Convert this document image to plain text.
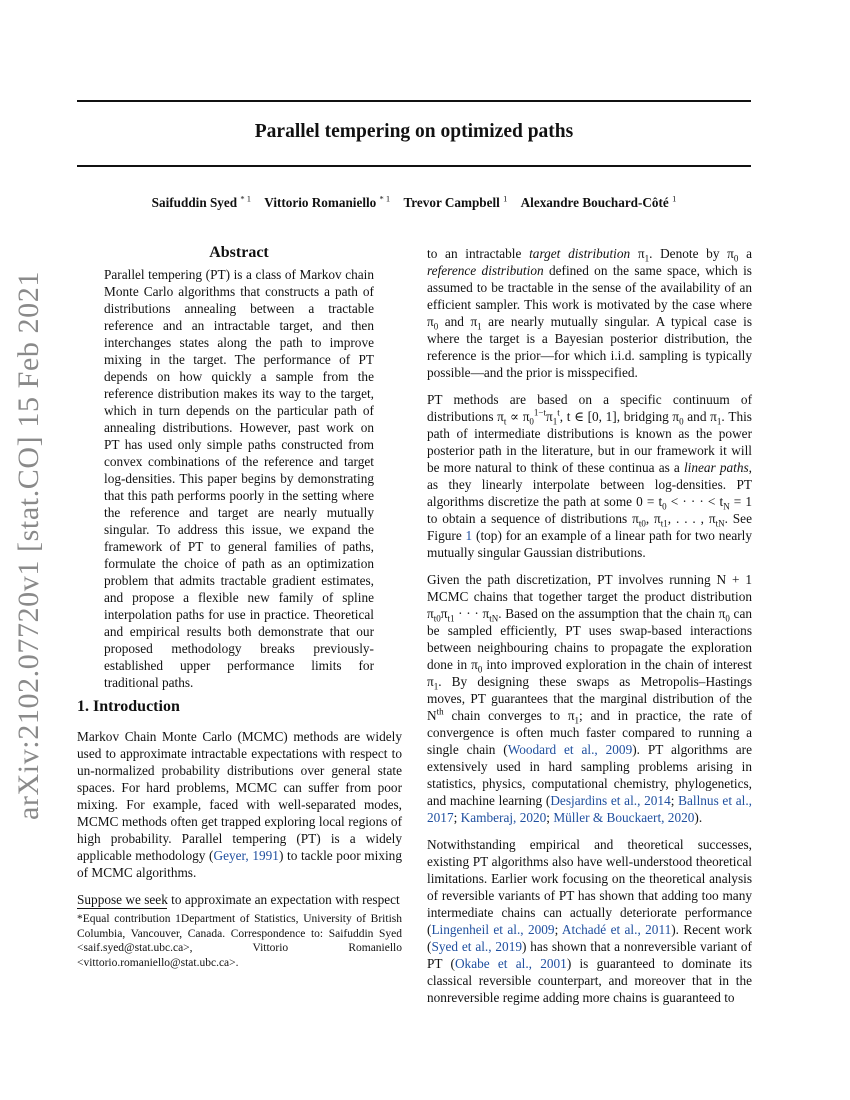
arXiv:2102.07720v1 [stat.CO] 15 Feb 2021
Parallel tempering on optimized paths
Saifuddin Syed $^{* 1}$ Vittorio Romaniello $^{* 1}$ Trevor Campbell $^1$ Alexandre Bouchard-Côté $^1$
Abstract
Parallel tempering (PT) is a class of Markov chain Monte Carlo algorithms that constructs a path of distributions annealing between a tractable reference and an intractable target, and then interchanges states along the path to improve mixing in the target. The performance of PT depends on how quickly a sample from the reference distribution makes its way to the target, which in turn depends on the particular path of annealing distributions. However, past work on PT has used only simple paths constructed from convex combinations of the reference and target log-densities. This paper begins by demonstrating that this path performs poorly in the setting where the reference and target are nearly mutually singular. To address this issue, we expand the framework of PT to general families of paths, formulate the choice of path as an optimization problem that admits tractable gradient estimates, and propose a flexible new family of spline interpolation paths for use in practice. Theoretical and empirical results both demonstrate that our proposed methodology breaks previously-established upper performance limits for traditional paths.
1. Introduction

Markov Chain Monte Carlo (MCMC) methods are widely used to approximate intractable expectations with respect to un-normalized probability distributions over general state spaces. For hard problems, MCMC can suffer from poor mixing. For example, faced with well-separated modes, MCMC methods often get trapped exploring local regions of high probability. Parallel tempering (PT) is a widely applicable methodology (Geyer, 1991) to tackle poor mixing of MCMC algorithms.

Suppose we seek to approximate an expectation with respect

*Equal contribution 1Department of Statistics, University of British Columbia, Vancouver, Canada. Correspondence to: Saifuddin Syed <saif.syed@stat.ubc.ca>, Vittorio Romaniello <vittorio.romaniello@stat.ubc.ca>.

to an intractable target distribution $\pi_1$. Denote by $\pi_0$ a reference distribution defined on the same space, which is assumed to be tractable in the sense of the availability of an efficient sampler. This work is motivated by the case where $\pi_0$ and $\pi_1$ are nearly mutually singular. A typical case is where the target is a Bayesian posterior distribution, the reference is the prior—for which i.i.d. sampling is typically possible—and the prior is misspecified.

PT methods are based on a specific continuum of distributions $\pi_t \propto \pi_0^{1-t}\pi_1^t$, t ∈ [0, 1], bridging $\pi_0$ and $\pi_1$. This path of intermediate distributions is known as the power posterior path in the literature, but in our framework it will be more natural to think of these continua as a linear paths, as they linearly interpolate between log-densities. PT algorithms discretize the path at some $0 = t_0$ < · · · < $t_N = 1$ to obtain a sequence of distributions $\pi_{t0}$, $\pi_{t1}$, . . . , $\pi_{tN}$. See Figure 1 (top) for an example of a linear path for two nearly mutually singular Gaussian distributions.

Given the path discretization, PT involves running N + 1 MCMC chains that together target the product distribution $\pi_{t0}\pi_{t1}$ · · · $\pi_{tN}$. Based on the assumption that the chain $\pi_0$ can be sampled efficiently, PT uses swap-based interactions between neighbouring chains to propagate the exploration done in $\pi_0$ into improved exploration in the chain of interest $\pi_1$. By designing these swaps as Metropolis–Hastings moves, PT guarantees that the marginal distribution of the $N^{th}$ chain converges to $\pi_1$; and in practice, the rate of convergence is often much faster compared to running a single chain (Woodard et al., 2009). PT algorithms are extensively used in hard sampling problems arising in statistics, physics, computational chemistry, phylogenetics, and machine learning (Desjardins et al., 2014; Ballnus et al., 2017; Kamberaj, 2020; Müller & Bouckaert, 2020).

Notwithstanding empirical and theoretical successes, existing PT algorithms also have well-understood theoretical limitations. Earlier work focusing on the theoretical analysis of reversible variants of PT has shown that adding too many intermediate chains can actually deteriorate performance (Lingenheil et al., 2009; Atchadé et al., 2011). Recent work (Syed et al., 2019) has shown that a nonreversible variant of PT (Okabe et al., 2001) is guaranteed to dominate its classical reversible counterpart, and moreover that in the nonreversible regime adding more chains is guaranteed to
